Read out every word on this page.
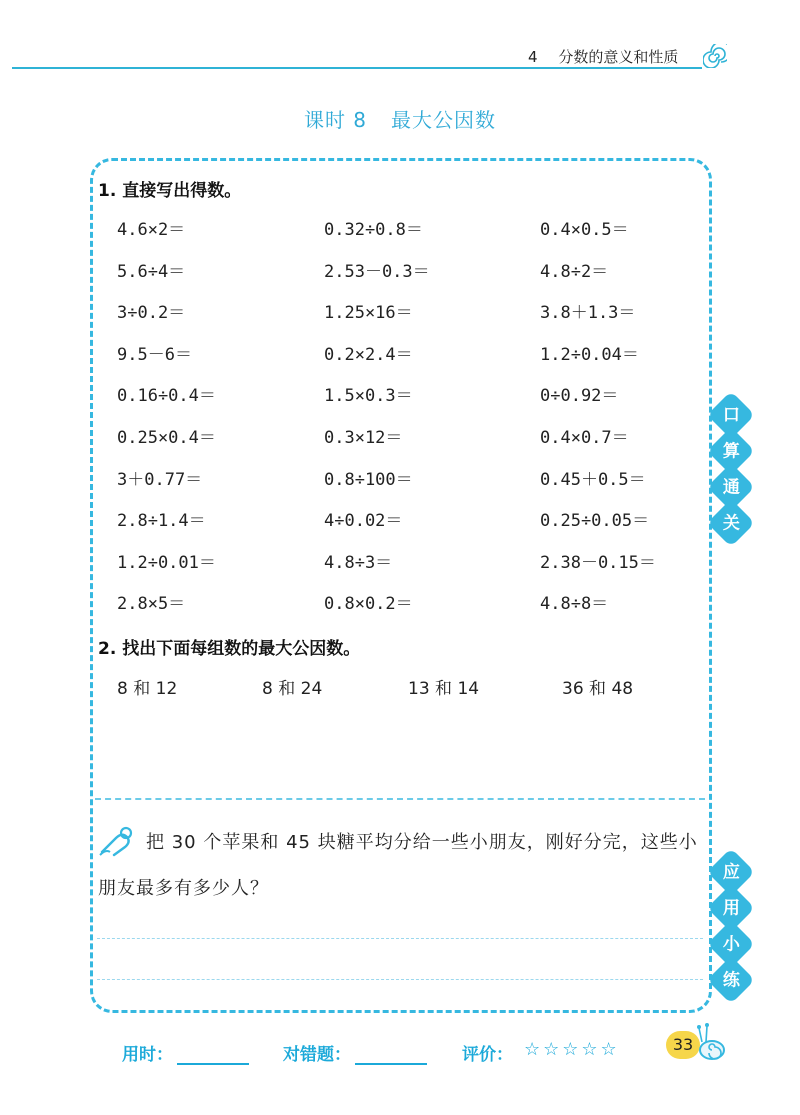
4 分数的意义和性质
课时 8 最大公因数
1. 直接写出得数。
4.6×2＝	0.32÷0.8＝	0.4×0.5＝
5.6÷4＝	2.53－0.3＝	4.8÷2＝
3÷0.2＝	1.25×16＝	3.8＋1.3＝
9.5－6＝	0.2×2.4＝	1.2÷0.04＝
0.16÷0.4＝	1.5×0.3＝	0÷0.92＝
0.25×0.4＝	0.3×12＝	0.4×0.7＝
3＋0.77＝	0.8÷100＝	0.45＋0.5＝
2.8÷1.4＝	4÷0.02＝	0.25÷0.05＝
1.2÷0.01＝	4.8÷3＝	2.38－0.15＝
2.8×5＝	0.8×0.2＝	4.8÷8＝
2. 找出下面每组数的最大公因数。
8 和 12	8 和 24	13 和 14	36 和 48
把 30 个苹果和 45 块糖平均分给一些小朋友，刚好分完，这些小
朋友最多有多少人？
口
算
通
关
应
用
小
练
用时：	对错题：	评价： ☆☆☆☆☆	33
